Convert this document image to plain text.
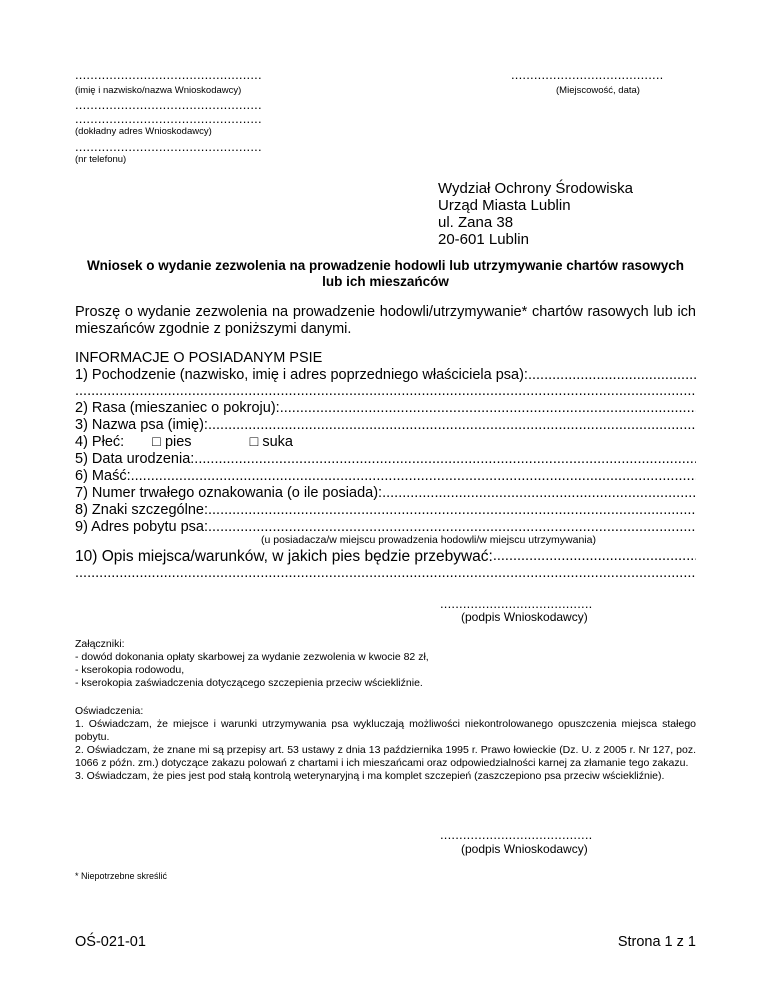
.................................................
(imię i nazwisko/nazwa Wnioskodawcy)
........................................
(Miejscowość, data)
.................................................
.................................................
(dokładny adres Wnioskodawcy)
.................................................
(nr telefonu)
Wydział Ochrony Środowiska
Urząd Miasta Lublin
ul. Zana 38
20-601 Lublin
Wniosek o wydanie zezwolenia na prowadzenie hodowli lub utrzymywanie chartów rasowych lub ich mieszańców
Proszę o wydanie zezwolenia na prowadzenie hodowli/utrzymywanie* chartów rasowych lub ich mieszańców zgodnie z poniższymi danymi.
INFORMACJE O POSIADANYM PSIE
1) Pochodzenie (nazwisko, imię i adres poprzedniego właściciela psa):
.....
.....
2) Rasa (mieszaniec o pokroju):
.....
3) Nazwa psa (imię):
.....
4) Płeć: □ pies	□ suka
5) Data urodzenia:
.....
6) Maść:
.....
7) Numer trwałego oznakowania (o ile posiada):
.....
8) Znaki szczególne:
.....
9) Adres pobytu psa:
.....
(u posiadacza/w miejscu prowadzenia hodowli/w miejscu utrzymywania)
10) Opis miejsca/warunków, w jakich pies będzie przebywać:
.....
.....
........................................
(podpis Wnioskodawcy)
Załączniki:
- dowód dokonania opłaty skarbowej za wydanie zezwolenia w kwocie 82 zł,
- kserokopia rodowodu,
- kserokopia zaświadczenia dotyczącego szczepienia przeciw wściekliźnie.

Oświadczenia:

1. Oświadczam, że miejsce i warunki utrzymywania psa wykluczają możliwości niekontrolowanego opuszczenia miejsca stałego pobytu.

2. Oświadczam, że znane mi są przepisy art. 53 ustawy z dnia 13 października 1995 r. Prawo łowieckie (Dz. U. z 2005 r. Nr 127, poz. 1066 z późn. zm.) dotyczące zakazu polowań z chartami i ich mieszańcami oraz odpowiedzialności karnej za złamanie tego zakazu.

3. Oświadczam, że pies jest pod stałą kontrolą weterynaryjną i ma komplet szczepień (zaszczepiono psa przeciw wściekliźnie).

........................................
(podpis Wnioskodawcy)
* Niepotrzebne skreślić
OŚ-021-01	Strona 1 z 1
